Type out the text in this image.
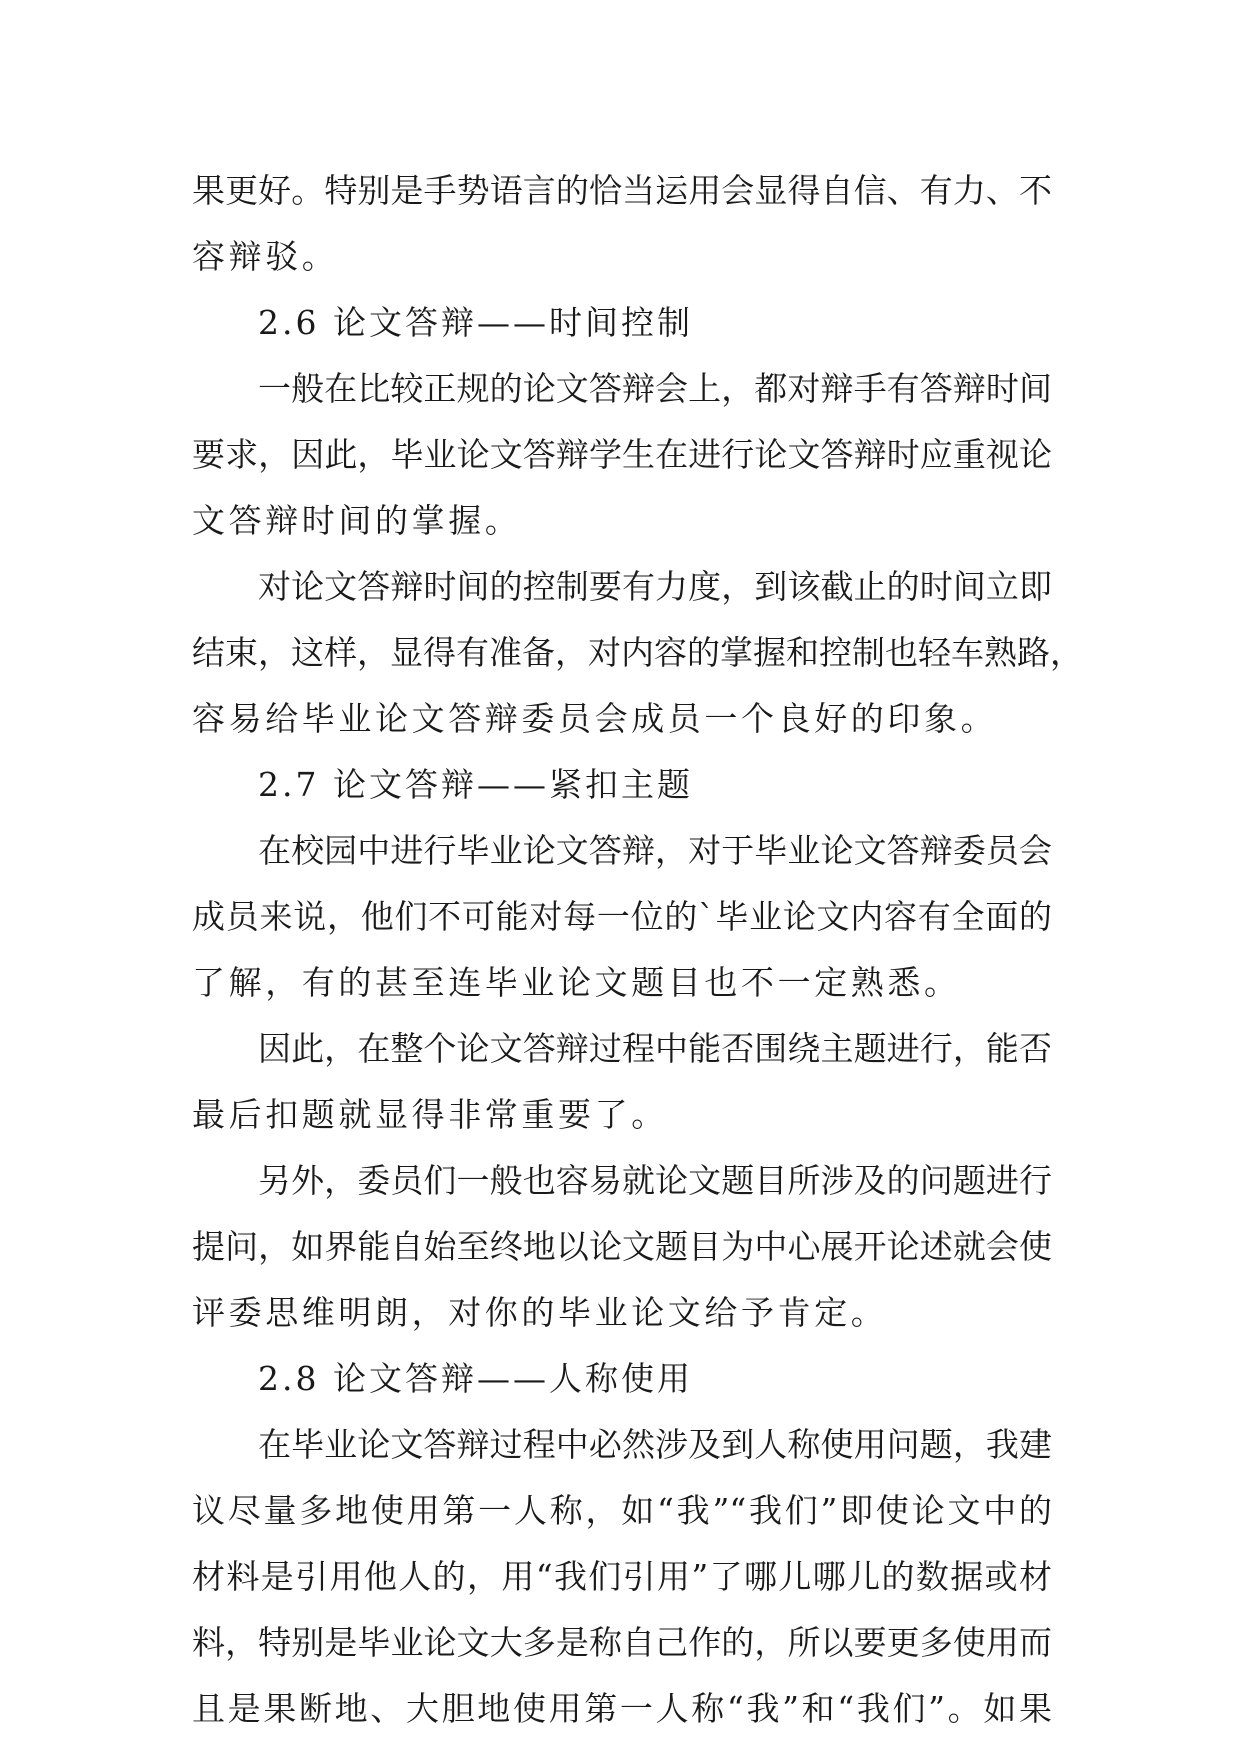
果更好。特别是手势语言的恰当运用会显得自信、有力、不
容辩驳。
2.6 论文答辩——时间控制
一般在比较正规的论文答辩会上，都对辩手有答辩时间
要求，因此，毕业论文答辩学生在进行论文答辩时应重视论
文答辩时间的掌握。
对论文答辩时间的控制要有力度，到该截止的时间立即
结束，这样，显得有准备，对内容的掌握和控制也轻车熟路，
容易给毕业论文答辩委员会成员一个良好的印象。
2.7 论文答辩——紧扣主题
在校园中进行毕业论文答辩，对于毕业论文答辩委员会
成员来说，他们不可能对每一位的`毕业论文内容有全面的
了解，有的甚至连毕业论文题目也不一定熟悉。
因此，在整个论文答辩过程中能否围绕主题进行，能否
最后扣题就显得非常重要了。
另外，委员们一般也容易就论文题目所涉及的问题进行
提问，如界能自始至终地以论文题目为中心展开论述就会使
评委思维明朗，对你的毕业论文给予肯定。
2.8 论文答辩——人称使用
在毕业论文答辩过程中必然涉及到人称使用问题，我建
议尽量多地使用第一人称，如“我”“我们”即使论文中的
材料是引用他人的，用“我们引用”了哪儿哪儿的数据或材
料，特别是毕业论文大多是称自己作的，所以要更多使用而
且是果断地、大胆地使用第一人称“我”和“我们”。如果
